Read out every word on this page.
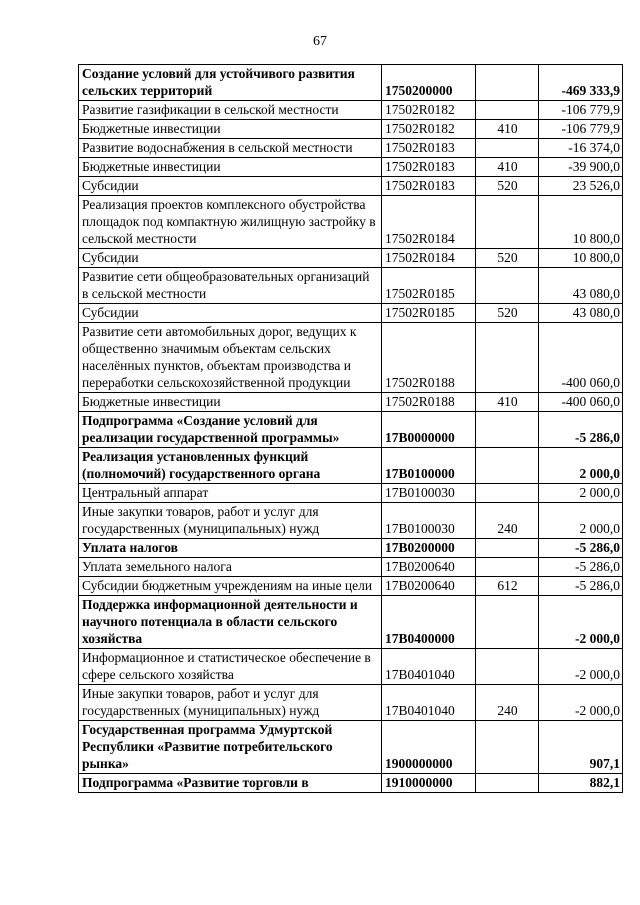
67
Создание условий для устойчивого развития сельских территорий	1750200000		-469 333,9
Развитие газификации в сельской местности	17502R0182		-106 779,9
Бюджетные инвестиции	17502R0182	410	-106 779,9
Развитие водоснабжения в сельской местности	17502R0183		-16 374,0
Бюджетные инвестиции	17502R0183	410	-39 900,0
Субсидии	17502R0183	520	23 526,0
Реализация проектов комплексного обустройства площадок под компактную жилищную застройку в сельской местности	17502R0184		10 800,0
Субсидии	17502R0184	520	10 800,0
Развитие сети общеобразовательных организаций в сельской местности	17502R0185		43 080,0
Субсидии	17502R0185	520	43 080,0
Развитие сети автомобильных дорог, ведущих к общественно значимым объектам сельских населённых пунктов, объектам производства и переработки сельскохозяйственной продукции	17502R0188		-400 060,0
Бюджетные инвестиции	17502R0188	410	-400 060,0
Подпрограмма «Создание условий для реализации государственной программы»	17В0000000		-5 286,0
Реализация установленных функций (полномочий) государственного органа	17В0100000		2 000,0
Центральный аппарат	17В0100030		2 000,0
Иные закупки товаров, работ и услуг для государственных (муниципальных) нужд	17В0100030	240	2 000,0
Уплата налогов	17В0200000		-5 286,0
Уплата земельного налога	17В0200640		-5 286,0
Субсидии бюджетным учреждениям на иные цели	17В0200640	612	-5 286,0
Поддержка информационной деятельности и научного потенциала в области сельского хозяйства	17В0400000		-2 000,0
Информационное и статистическое обеспечение в сфере сельского хозяйства	17В0401040		-2 000,0
Иные закупки товаров, работ и услуг для государственных (муниципальных) нужд	17В0401040	240	-2 000,0
Государственная программа Удмуртской Республики «Развитие потребительского рынка»	1900000000		907,1
Подпрограмма «Развитие торговли в	1910000000		882,1
